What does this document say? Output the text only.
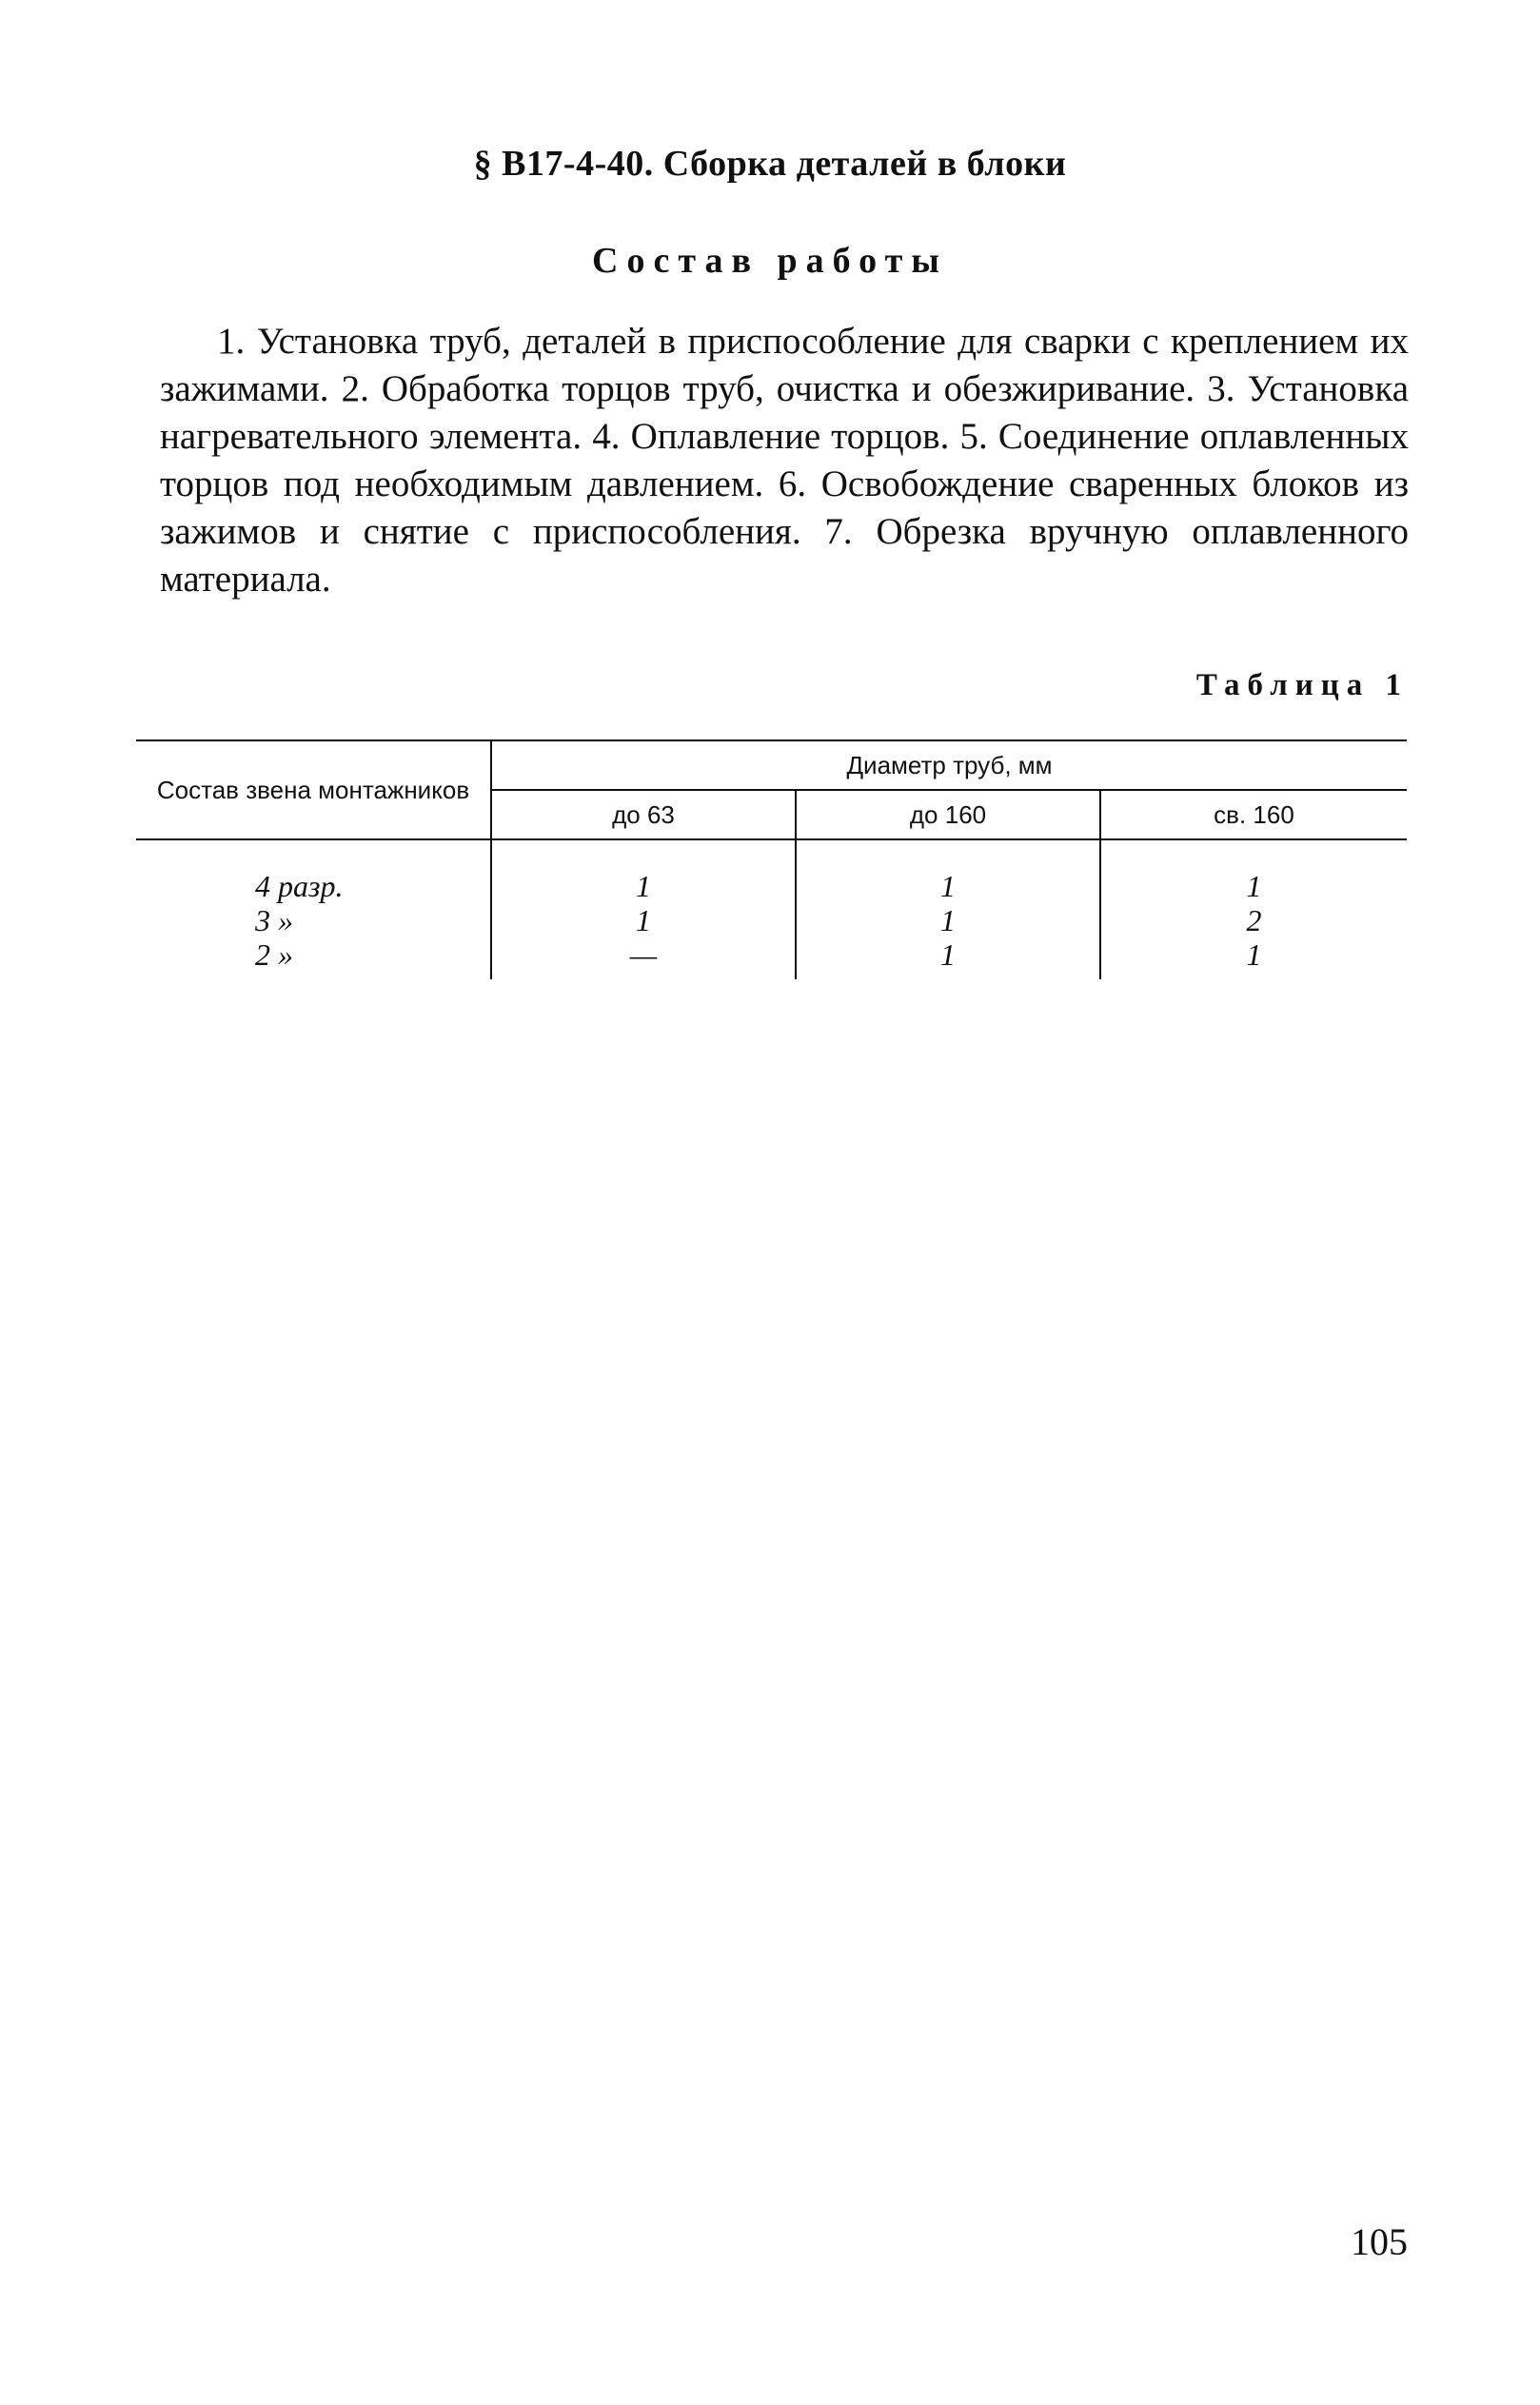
§ В17-4-40. Сборка деталей в блоки
Состав работы

1. Установка труб, деталей в приспособление для сварки с креплением их зажимами. 2. Обработка торцов труб, очистка и обезжиривание. 3. Установка нагревательного элемента. 4. Оплавление торцов. 5. Соединение оплавленных торцов под необходимым давлением. 6. Освобождение сваренных блоков из зажимов и снятие с приспособления. 7. Обрезка вручную оплавленного материала.

Таблица 1
Состав звена монтажников	Диаметр труб, мм		
	до 63	до 160	св. 160
4 разр.	1	1	1
3 »	1	1	2
2 »	—	1	1
105
